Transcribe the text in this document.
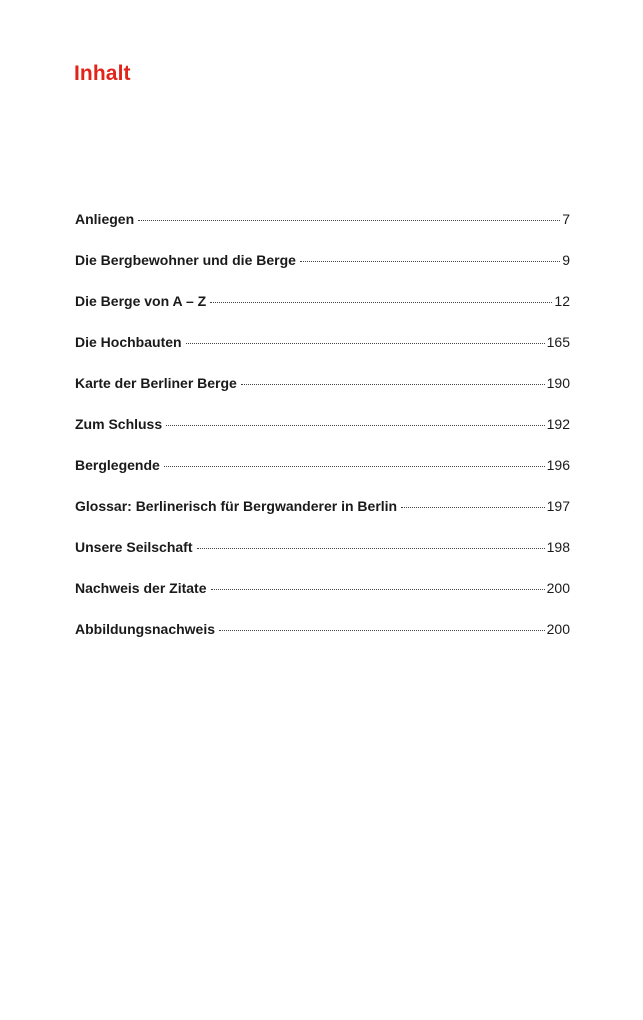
Inhalt
Anliegen	7
Die Bergbewohner und die Berge	9
Die Berge von A – Z	12
Die Hochbauten	165
Karte der Berliner Berge	190
Zum Schluss	192
Berglegende	196
Glossar: Berlinerisch für Bergwanderer in Berlin	197
Unsere Seilschaft	198
Nachweis der Zitate	200
Abbildungsnachweis	200
